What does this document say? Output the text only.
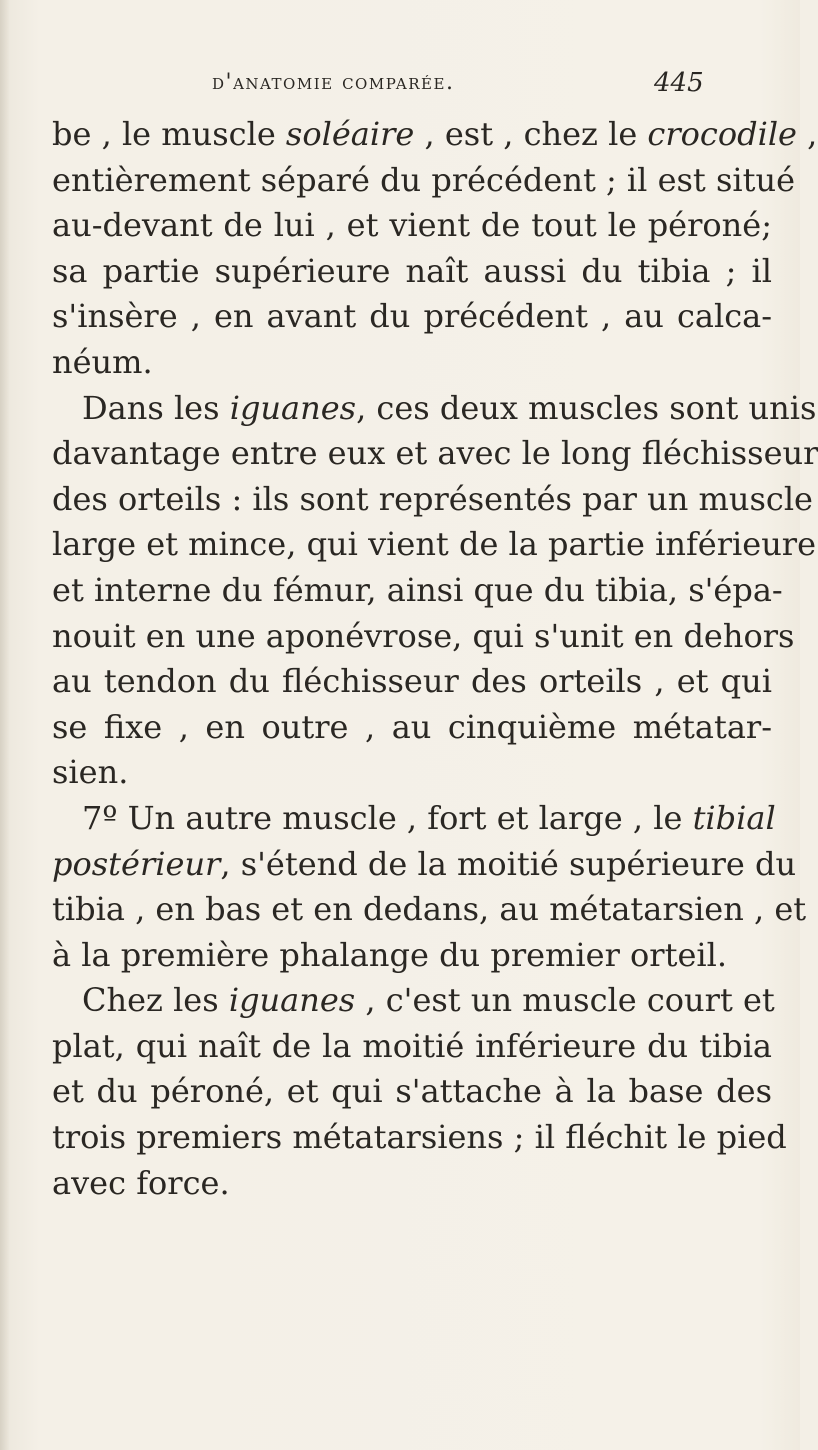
d'anatomie comparée.	445
be , le muscle soléaire , est , chez le crocodile ,
entièrement séparé du précédent ; il est situé
au-devant de lui , et vient de tout le péroné;
sa partie supérieure naît aussi du tibia ; il
s'insère , en avant du précédent , au calca-
néum.
Dans les iguanes, ces deux muscles sont unis
davantage entre eux et avec le long fléchisseur
des orteils : ils sont représentés par un muscle
large et mince, qui vient de la partie inférieure
et interne du fémur, ainsi que du tibia, s'épa-
nouit en une aponévrose, qui s'unit en dehors
au tendon du fléchisseur des orteils , et qui
se fixe , en outre , au cinquième métatar-
sien.
7º Un autre muscle , fort et large , le tibial
postérieur, s'étend de la moitié supérieure du
tibia , en bas et en dedans, au métatarsien , et
à la première phalange du premier orteil.
Chez les iguanes , c'est un muscle court et
plat, qui naît de la moitié inférieure du tibia
et du péroné, et qui s'attache à la base des
trois premiers métatarsiens ; il fléchit le pied
avec force.
